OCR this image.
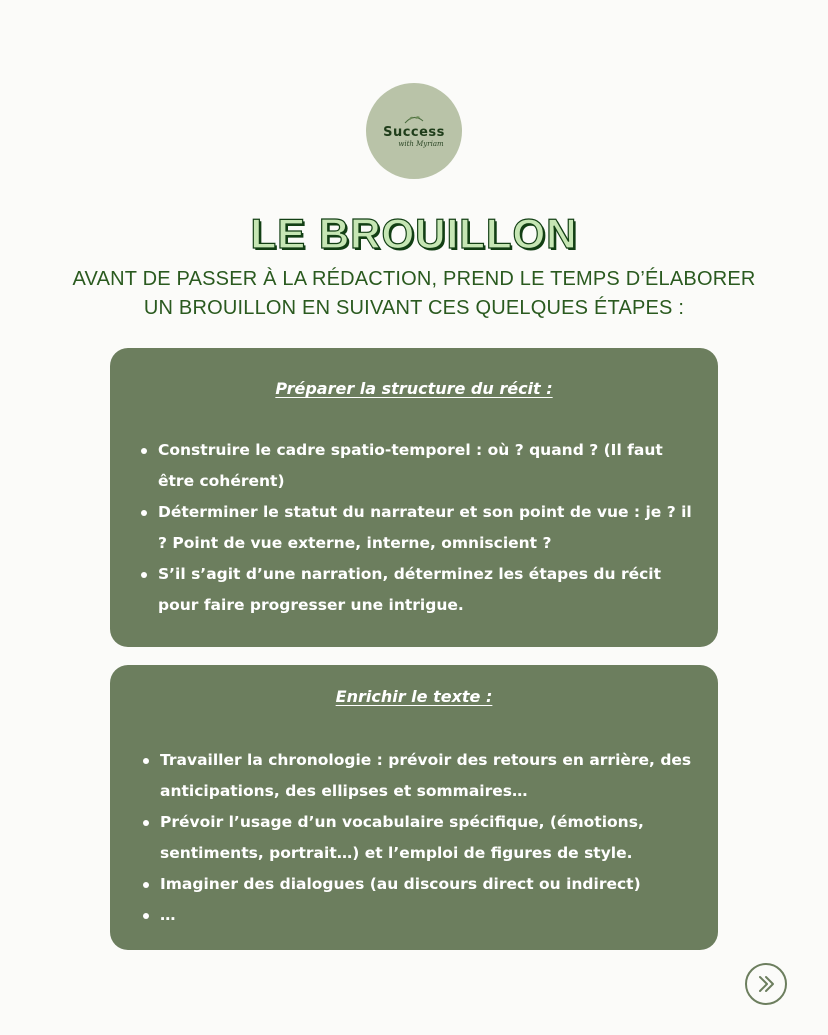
Success
with Myriam
LE BROUILLON
AVANT DE PASSER À LA RÉDACTION, PREND LE TEMPS D’ÉLABORER UN BROUILLON EN SUIVANT CES QUELQUES ÉTAPES :
Préparer la structure du récit :
Construire le cadre spatio-temporel : où ? quand ? (Il faut être cohérent)
Déterminer le statut du narrateur et son point de vue : je ? il ? Point de vue externe, interne, omniscient ?
S’il s’agit d’une narration, déterminez les étapes du récit pour faire progresser une intrigue.
Enrichir le texte :
Travailler la chronologie : prévoir des retours en arrière, des anticipations, des ellipses et sommaires…
Prévoir l’usage d’un vocabulaire spécifique, (émotions, sentiments, portrait…) et l’emploi de figures de style.
Imaginer des dialogues (au discours direct ou indirect)
…
